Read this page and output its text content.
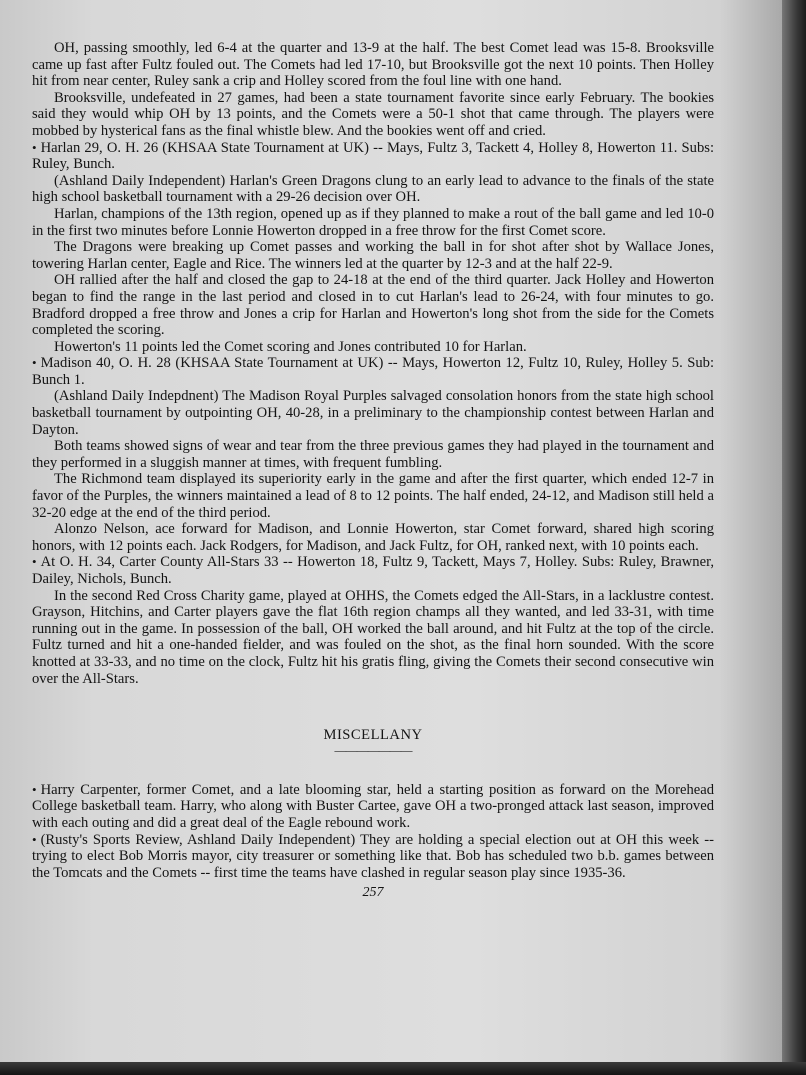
OH, passing smoothly, led 6-4 at the quarter and 13-9 at the half. The best Comet lead was 15-8. Brooksville came up fast after Fultz fouled out. The Comets had led 17-10, but Brooksville got the next 10 points. Then Holley hit from near center, Ruley sank a crip and Holley scored from the foul line with one hand.

Brooksville, undefeated in 27 games, had been a state tournament favorite since early February. The bookies said they would whip OH by 13 points, and the Comets were a 50-1 shot that came through. The players were mobbed by hysterical fans as the final whistle blew. And the bookies went off and cried.

• Harlan 29, O. H. 26 (KHSAA State Tournament at UK) -- Mays, Fultz 3, Tackett 4, Holley 8, Howerton 11. Subs: Ruley, Bunch.

(Ashland Daily Independent) Harlan's Green Dragons clung to an early lead to advance to the finals of the state high school basketball tournament with a 29-26 decision over OH.

Harlan, champions of the 13th region, opened up as if they planned to make a rout of the ball game and led 10-0 in the first two minutes before Lonnie Howerton dropped in a free throw for the first Comet score.

The Dragons were breaking up Comet passes and working the ball in for shot after shot by Wallace Jones, towering Harlan center, Eagle and Rice. The winners led at the quarter by 12-3 and at the half 22-9.

OH rallied after the half and closed the gap to 24-18 at the end of the third quarter. Jack Holley and Howerton began to find the range in the last period and closed in to cut Harlan's lead to 26-24, with four minutes to go. Bradford dropped a free throw and Jones a crip for Harlan and Howerton's long shot from the side for the Comets completed the scoring.

Howerton's 11 points led the Comet scoring and Jones contributed 10 for Harlan.

• Madison 40, O. H. 28 (KHSAA State Tournament at UK) -- Mays, Howerton 12, Fultz 10, Ruley, Holley 5. Sub: Bunch 1.

(Ashland Daily Indepdnent) The Madison Royal Purples salvaged consolation honors from the state high school basketball tournament by outpointing OH, 40-28, in a preliminary to the championship contest between Harlan and Dayton.

Both teams showed signs of wear and tear from the three previous games they had played in the tournament and they performed in a sluggish manner at times, with frequent fumbling.

The Richmond team displayed its superiority early in the game and after the first quarter, which ended 12-7 in favor of the Purples, the winners maintained a lead of 8 to 12 points. The half ended, 24-12, and Madison still held a 32-20 edge at the end of the third period.

Alonzo Nelson, ace forward for Madison, and Lonnie Howerton, star Comet forward, shared high scoring honors, with 12 points each. Jack Rodgers, for Madison, and Jack Fultz, for OH, ranked next, with 10 points each.

• At O. H. 34, Carter County All-Stars 33 -- Howerton 18, Fultz 9, Tackett, Mays 7, Holley. Subs: Ruley, Brawner, Dailey, Nichols, Bunch.

In the second Red Cross Charity game, played at OHHS, the Comets edged the All-Stars, in a lacklustre contest. Grayson, Hitchins, and Carter players gave the flat 16th region champs all they wanted, and led 33-31, with time running out in the game. In possession of the ball, OH worked the ball around, and hit Fultz at the top of the circle. Fultz turned and hit a one-handed fielder, and was fouled on the shot, as the final horn sounded. With the score knotted at 33-33, and no time on the clock, Fultz hit his gratis fling, giving the Comets their second consecutive win over the All-Stars.

MISCELLANY
———————

• Harry Carpenter, former Comet, and a late blooming star, held a starting position as forward on the Morehead College basketball team. Harry, who along with Buster Cartee, gave OH a two-pronged attack last season, improved with each outing and did a great deal of the Eagle rebound work.

• (Rusty's Sports Review, Ashland Daily Independent) They are holding a special election out at OH this week -- trying to elect Bob Morris mayor, city treasurer or something like that. Bob has scheduled two b.b. games between the Tomcats and the Comets -- first time the teams have clashed in regular season play since 1935-36.

257
